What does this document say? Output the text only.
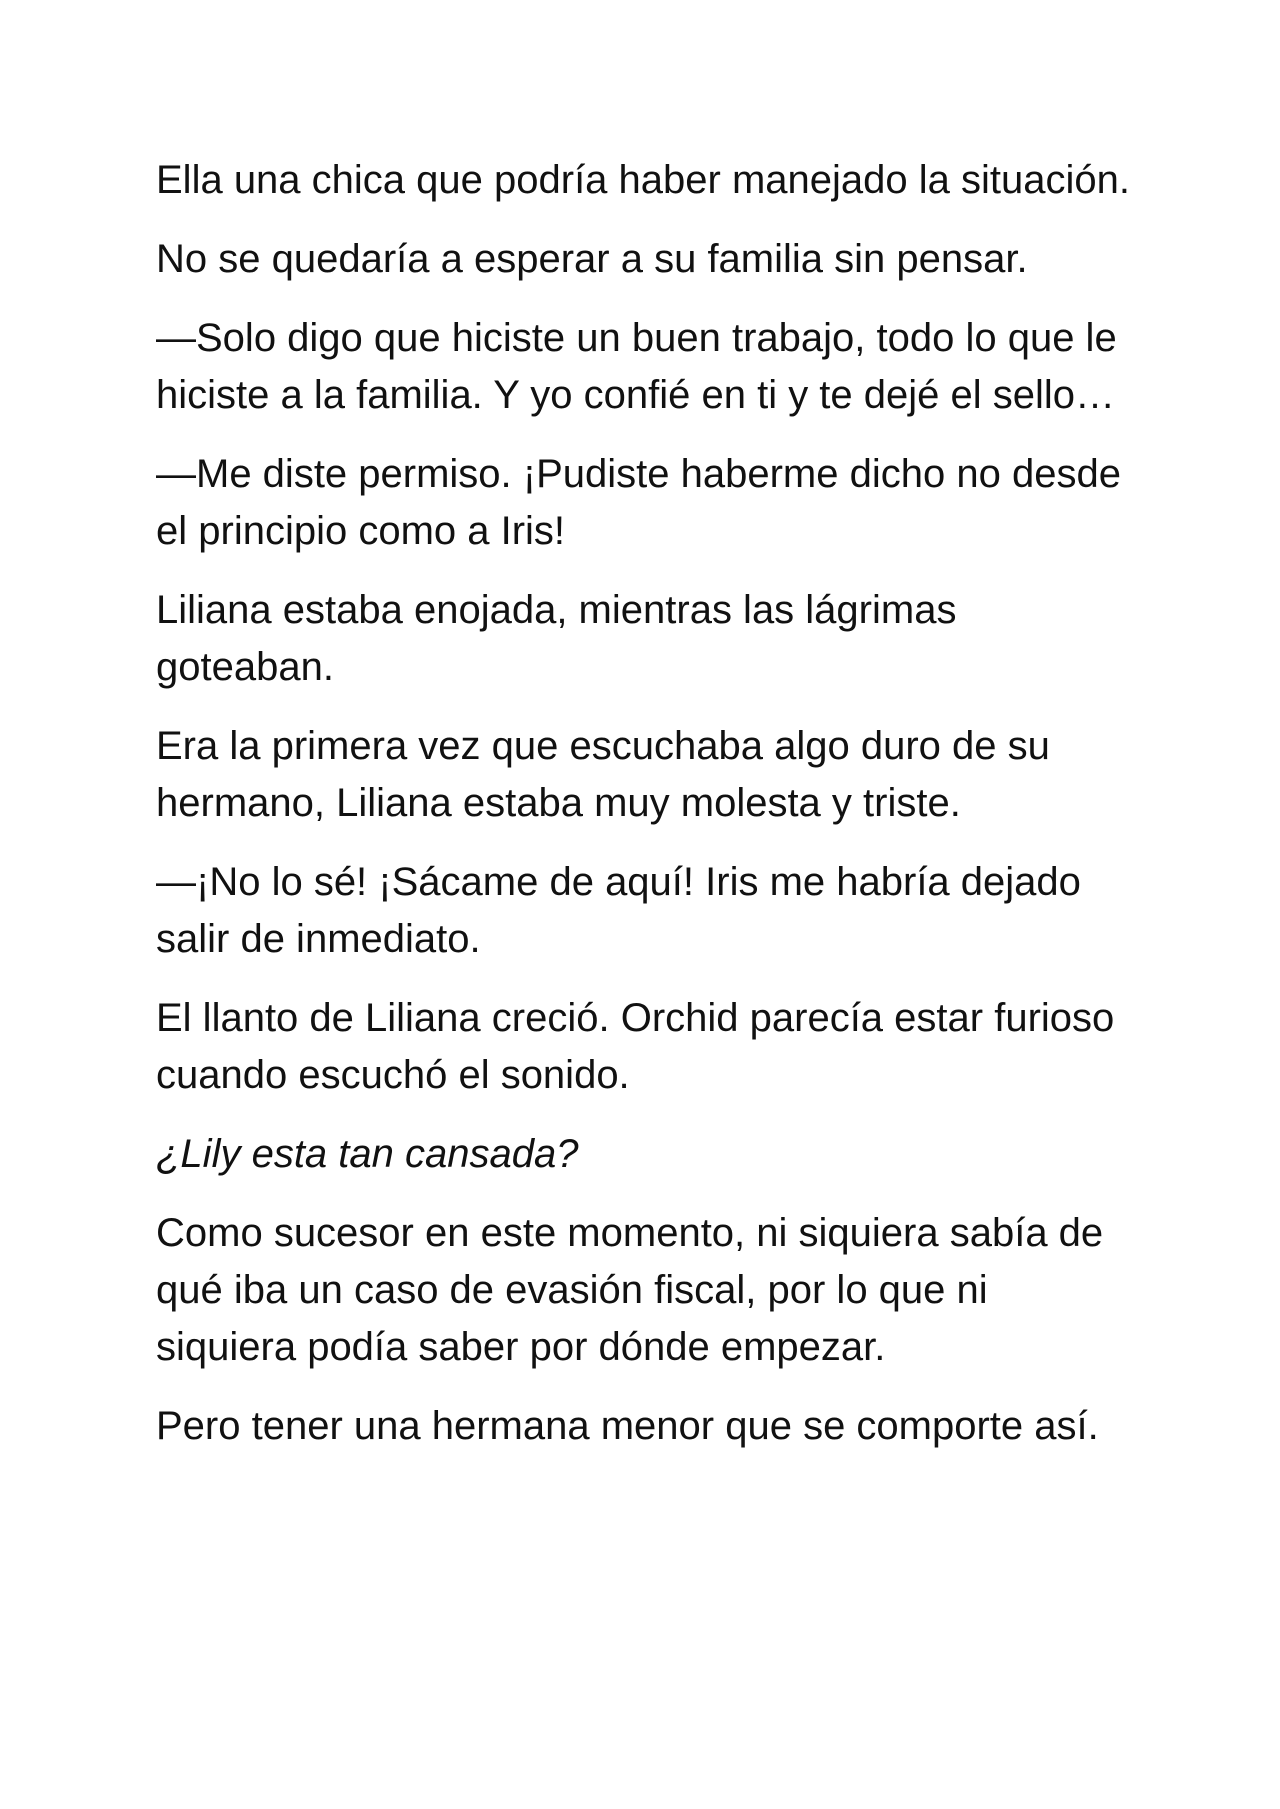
Ella una chica que podría haber manejado la situación.

No se quedaría a esperar a su familia sin pensar.

—Solo digo que hiciste un buen trabajo, todo lo que le hiciste a la familia. Y yo confié en ti y te dejé el sello…

—Me diste permiso. ¡Pudiste haberme dicho no desde el principio como a Iris!

Liliana estaba enojada, mientras las lágrimas goteaban.

Era la primera vez que escuchaba algo duro de su hermano, Liliana estaba muy molesta y triste.

—¡No lo sé! ¡Sácame de aquí! Iris me habría dejado salir de inmediato.

El llanto de Liliana creció. Orchid parecía estar furioso cuando escuchó el sonido.

¿Lily esta tan cansada?

Como sucesor en este momento, ni siquiera sabía de qué iba un caso de evasión fiscal, por lo que ni siquiera podía saber por dónde empezar.

Pero tener una hermana menor que se comporte así.
